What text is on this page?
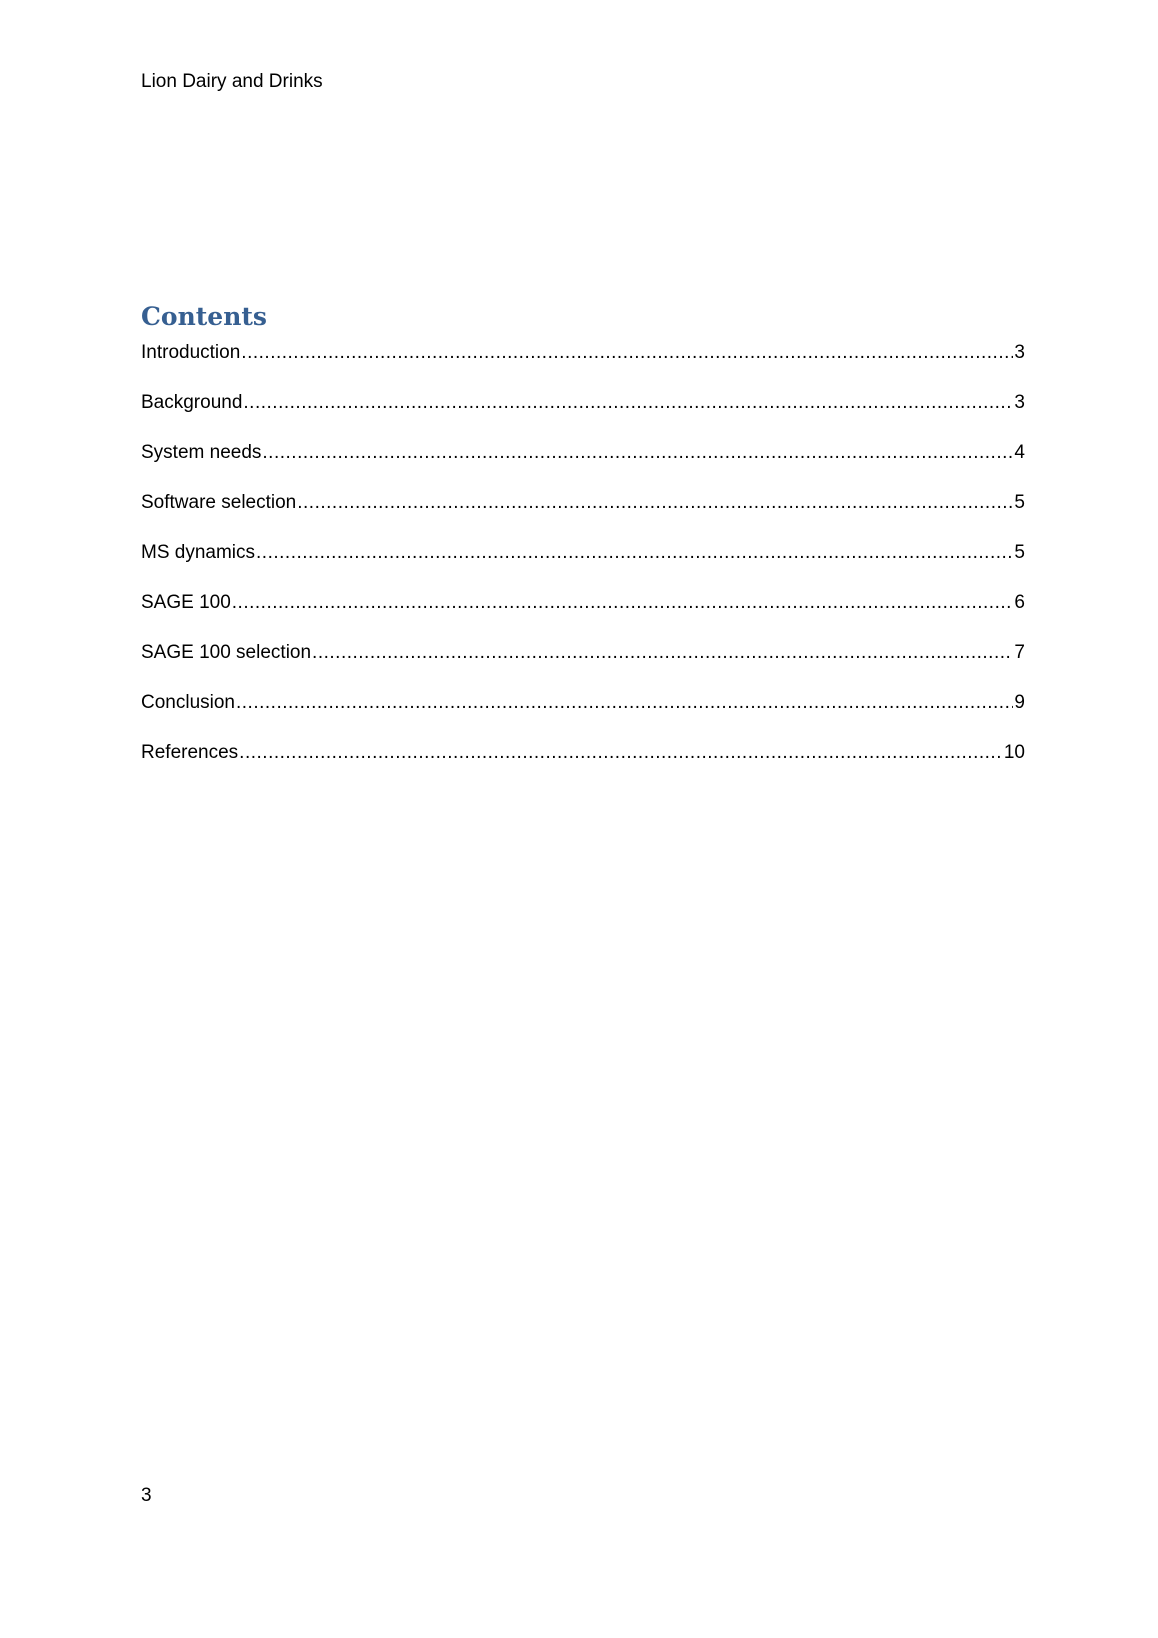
Lion Dairy and Drinks
Contents
Introduction .....	3
Background .....	3
System needs .....	4
Software selection .....	5
MS dynamics .....	5
SAGE 100 .....	6
SAGE 100 selection .....	7
Conclusion .....	9
References .....	10
3
